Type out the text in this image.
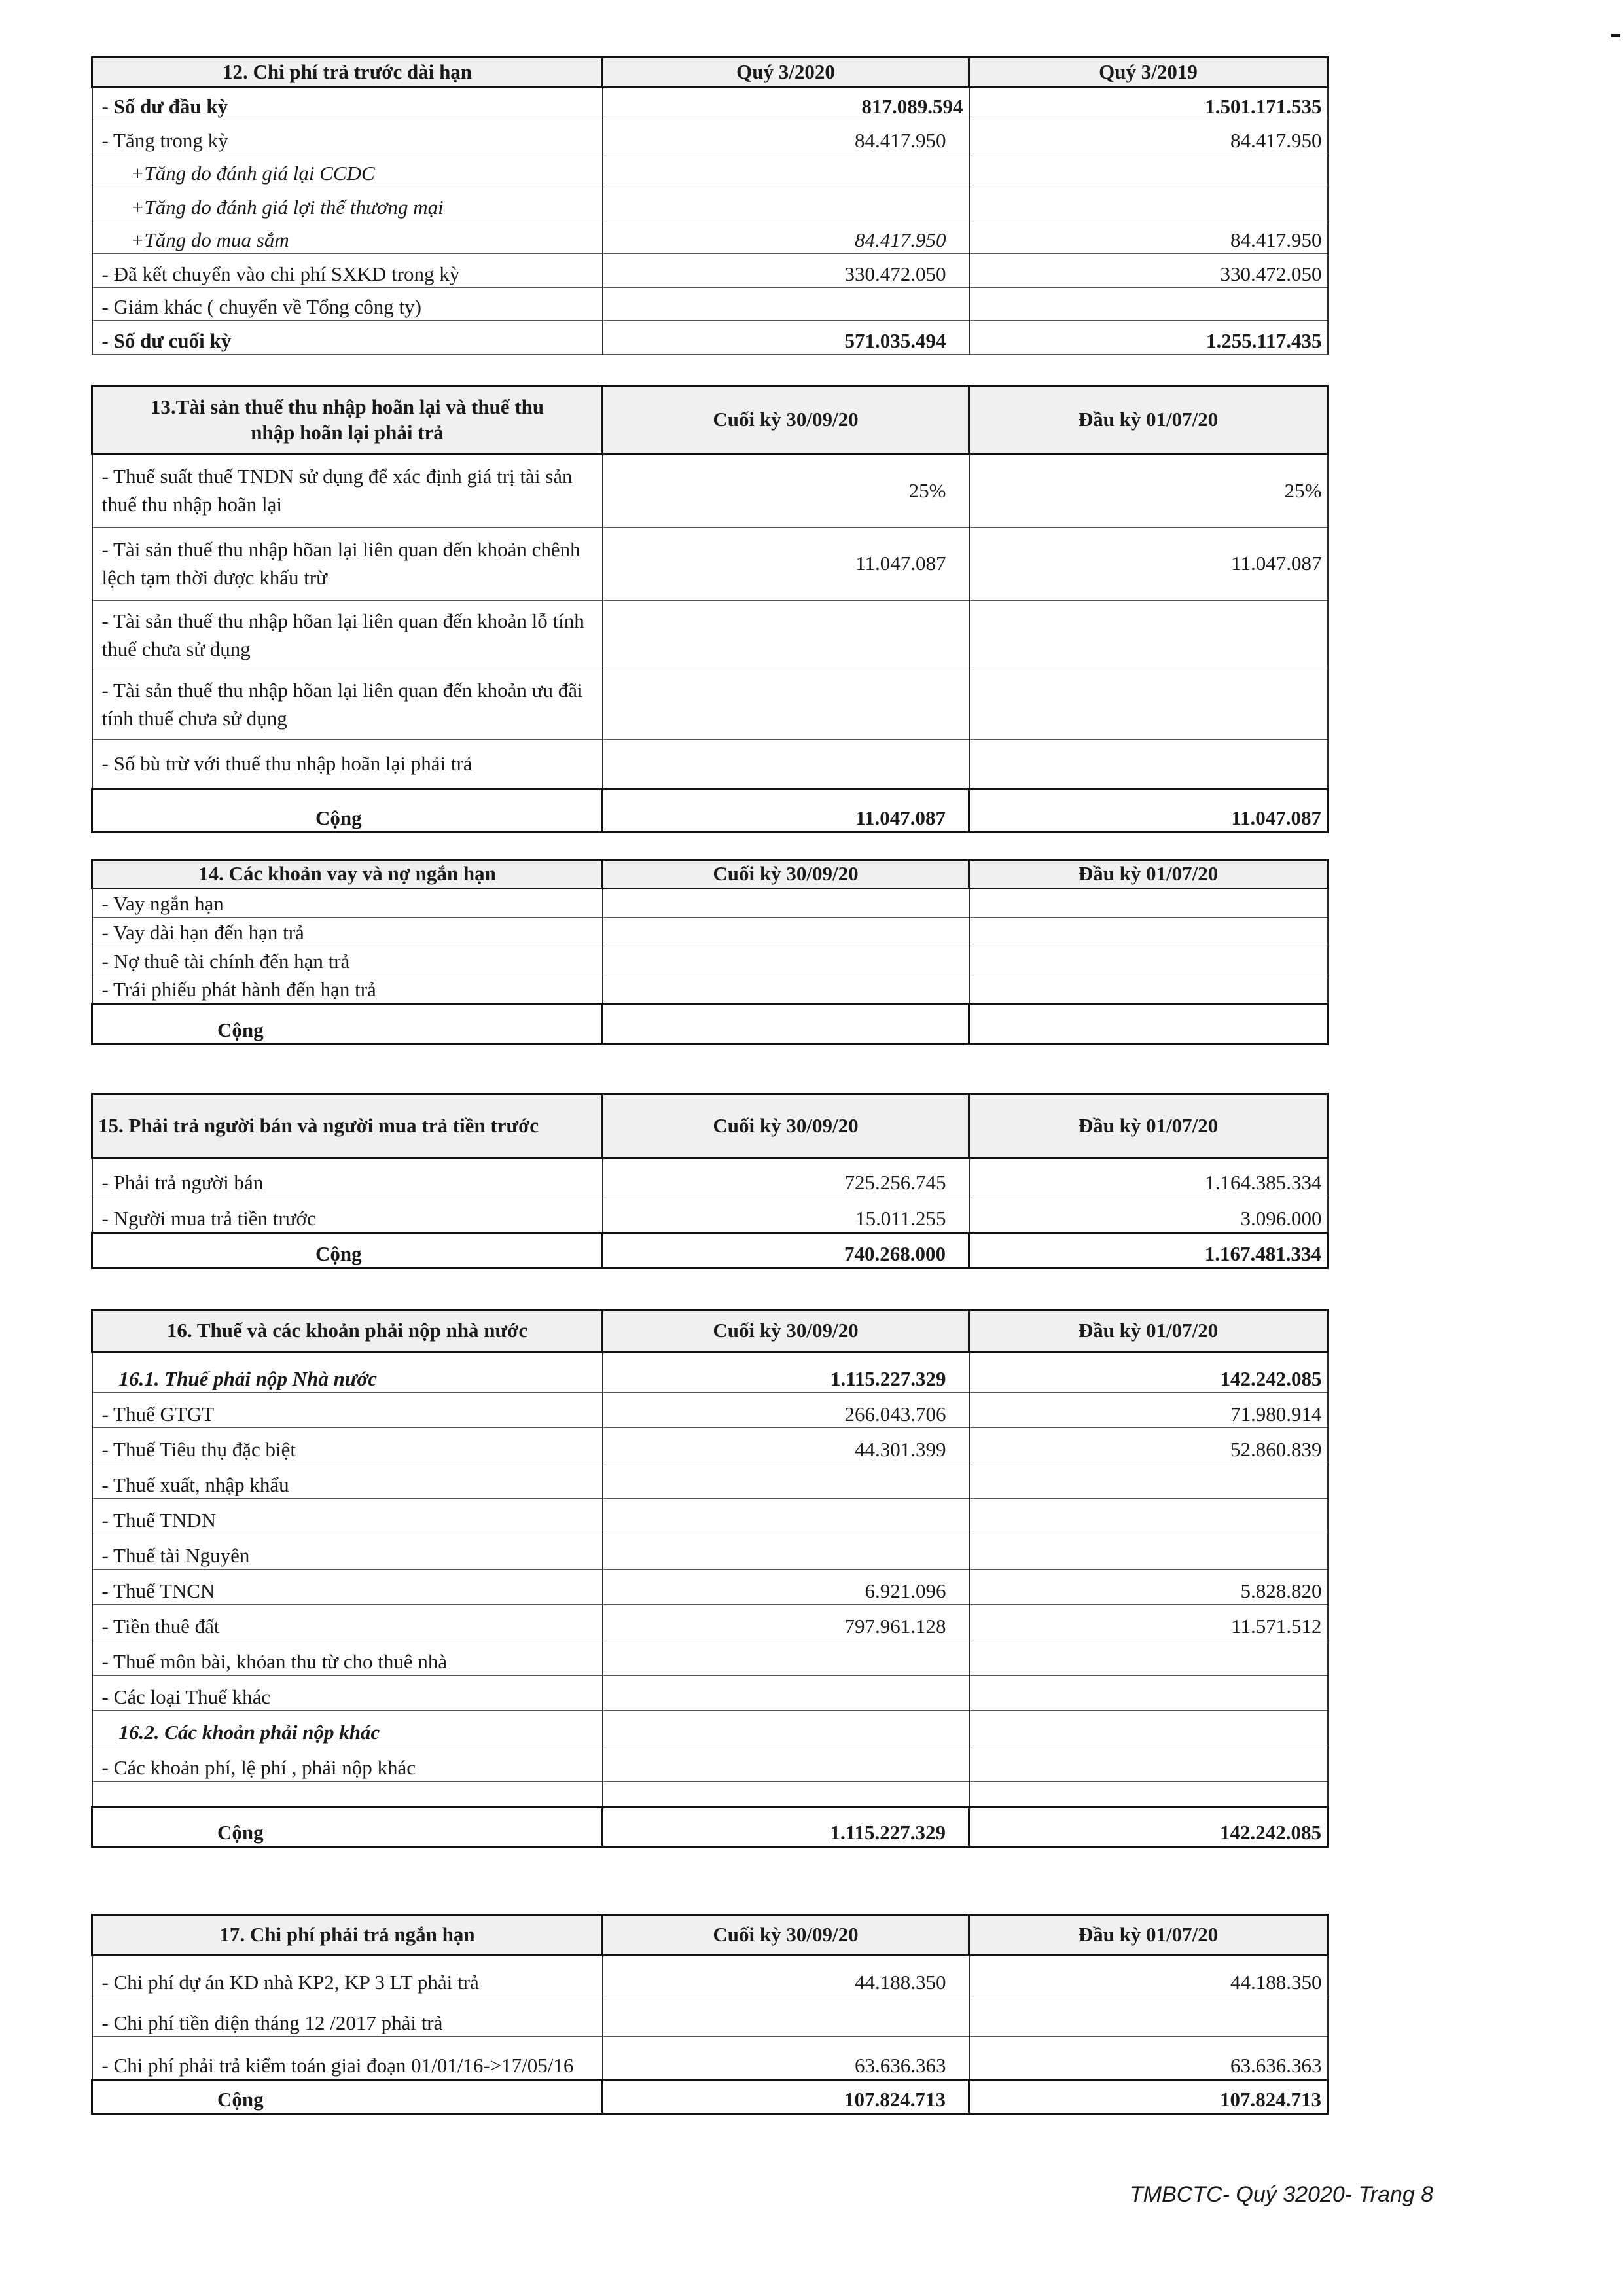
12. Chi phí trả trước dài hạn	Quý 3/2020	Quý 3/2019
- Số dư đầu kỳ	817.089.594	1.501.171.535
- Tăng trong kỳ	84.417.950	84.417.950
+Tăng do đánh giá lại CCDC		
+Tăng do đánh giá lợi thế thương mại		
+Tăng do mua sắm	84.417.950	84.417.950
- Đã kết chuyển vào chi phí SXKD trong kỳ	330.472.050	330.472.050
- Giảm khác ( chuyển về Tổng công ty)		
- Số dư cuối kỳ	571.035.494	1.255.117.435
13.Tài sản thuế thu nhập hoãn lại và thuế thu nhập hoãn lại phải trả	Cuối kỳ 30/09/20	Đầu kỳ 01/07/20
- Thuế suất thuế TNDN sử dụng để xác định giá trị tài sản thuế thu nhập hoãn lại	25%	25%
- Tài sản thuế thu nhập hõan lại liên quan đến khoản chênh lệch tạm thời được khấu trừ	11.047.087	11.047.087
- Tài sản thuế thu nhập hõan lại liên quan đến khoản lỗ tính thuế chưa sử dụng		
- Tài sản thuế thu nhập hõan lại liên quan đến khoản ưu đãi tính thuế chưa sử dụng		
- Số bù trừ với thuế thu nhập hoãn lại phải trả		
Cộng	11.047.087	11.047.087
14. Các khoản vay và nợ ngắn hạn	Cuối kỳ 30/09/20	Đầu kỳ 01/07/20
- Vay ngắn hạn		
- Vay dài hạn đến hạn trả		
- Nợ thuê tài chính đến hạn trả		
- Trái phiếu phát hành đến hạn trả		
Cộng		
15. Phải trả người bán và người mua trả tiền trước	Cuối kỳ 30/09/20	Đầu kỳ 01/07/20
- Phải trả người bán	725.256.745	1.164.385.334
- Người mua trả tiền trước	15.011.255	3.096.000
Cộng	740.268.000	1.167.481.334
16. Thuế và các khoản phải nộp nhà nước	Cuối kỳ 30/09/20	Đầu kỳ 01/07/20
16.1. Thuế phải nộp Nhà nước	1.115.227.329	142.242.085
- Thuế GTGT	266.043.706	71.980.914
- Thuế Tiêu thụ đặc biệt	44.301.399	52.860.839
- Thuế xuất, nhập khẩu		
- Thuế TNDN		
- Thuế tài Nguyên		
- Thuế TNCN	6.921.096	5.828.820
- Tiền thuê đất	797.961.128	11.571.512
- Thuế môn bài, khỏan thu từ cho thuê nhà		
- Các loại Thuế khác		
16.2. Các khoản phải nộp khác		
- Các khoản phí, lệ phí , phải nộp khác		

Cộng	1.115.227.329	142.242.085
17. Chi phí phải trả ngắn hạn	Cuối kỳ 30/09/20	Đầu kỳ 01/07/20
- Chi phí dự án KD nhà KP2, KP 3 LT phải trả	44.188.350	44.188.350
- Chi phí tiền điện tháng 12 /2017 phải trả		
- Chi phí phải trả kiểm toán giai đoạn 01/01/16->17/05/16	63.636.363	63.636.363
Cộng	107.824.713	107.824.713
TMBCTC- Quý 32020- Trang 8
